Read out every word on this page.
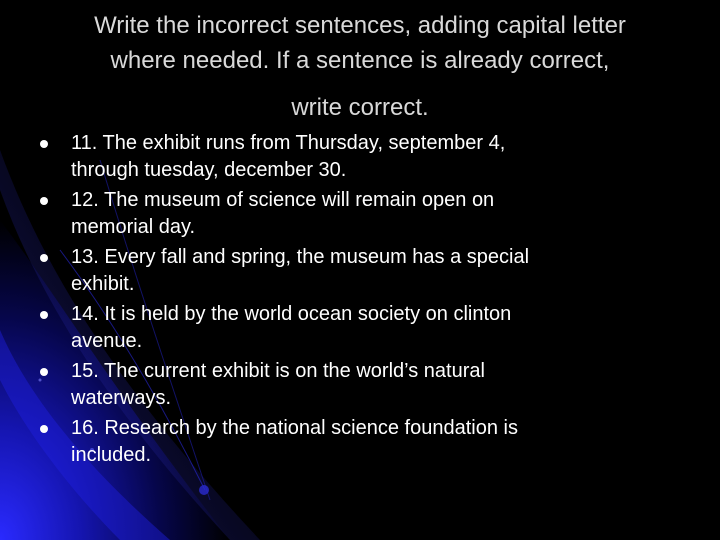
Write the incorrect sentences, adding capital letter
where needed. If a sentence is already correct,
write correct.
11. The exhibit runs from Thursday, september 4,
through tuesday, december 30.
12. The museum of science will remain open on
memorial day.
13. Every fall and spring, the museum has a special
exhibit.
14. It is held by the world ocean society on clinton
avenue.
15. The current exhibit is on the world’s natural
waterways.
16. Research by the national science foundation is
included.
